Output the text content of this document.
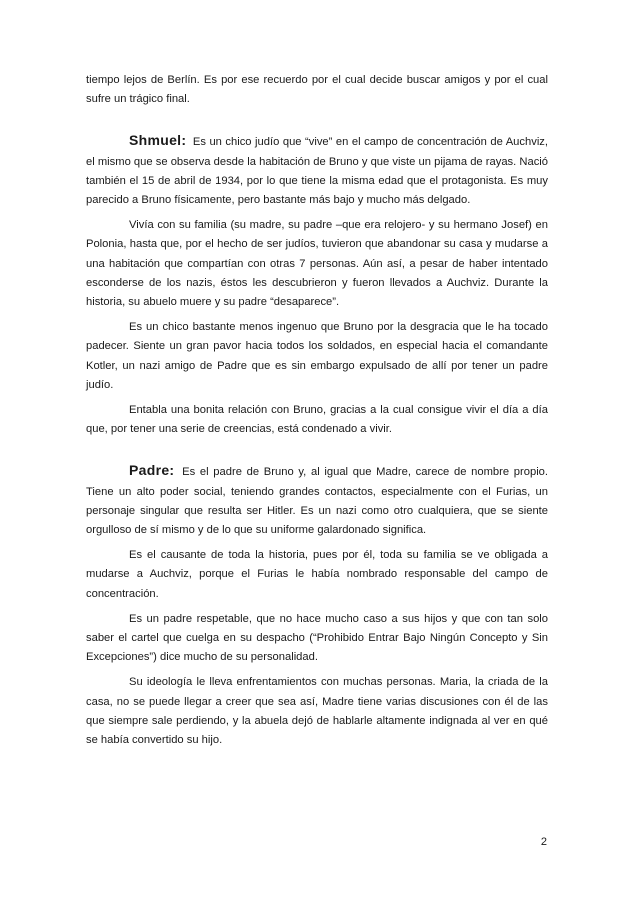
tiempo lejos de Berlín. Es por ese recuerdo por el cual decide buscar amigos y por el cual sufre un trágico final.

Shmuel: Es un chico judío que “vive” en el campo de concentración de Auchviz, el mismo que se observa desde la habitación de Bruno y que viste un pijama de rayas. Nació también el 15 de abril de 1934, por lo que tiene la misma edad que el protagonista. Es muy parecido a Bruno físicamente, pero bastante más bajo y mucho más delgado.

Vivía con su familia (su madre, su padre –que era relojero- y su hermano Josef) en Polonia, hasta que, por el hecho de ser judíos, tuvieron que abandonar su casa y mudarse a una habitación que compartían con otras 7 personas. Aún así, a pesar de haber intentado esconderse de los nazis, éstos les descubrieron y fueron llevados a Auchviz. Durante la historia, su abuelo muere y su padre “desaparece”.

Es un chico bastante menos ingenuo que Bruno por la desgracia que le ha tocado padecer. Siente un gran pavor hacia todos los soldados, en especial hacia el comandante Kotler, un nazi amigo de Padre que es sin embargo expulsado de allí por tener un padre judío.

Entabla una bonita relación con Bruno, gracias a la cual consigue vivir el día a día que, por tener una serie de creencias, está condenado a vivir.

Padre: Es el padre de Bruno y, al igual que Madre, carece de nombre propio. Tiene un alto poder social, teniendo grandes contactos, especialmente con el Furias, un personaje singular que resulta ser Hitler. Es un nazi como otro cualquiera, que se siente orgulloso de sí mismo y de lo que su uniforme galardonado significa.

Es el causante de toda la historia, pues por él, toda su familia se ve obligada a mudarse a Auchviz, porque el Furias le había nombrado responsable del campo de concentración.

Es un padre respetable, que no hace mucho caso a sus hijos y que con tan solo saber el cartel que cuelga en su despacho (“Prohibido Entrar Bajo Ningún Concepto y Sin Excepciones”) dice mucho de su personalidad.

Su ideología le lleva enfrentamientos con muchas personas. Maria, la criada de la casa, no se puede llegar a creer que sea así, Madre tiene varias discusiones con él de las que siempre sale perdiendo, y la abuela dejó de hablarle altamente indignada al ver en qué se había convertido su hijo.

2
